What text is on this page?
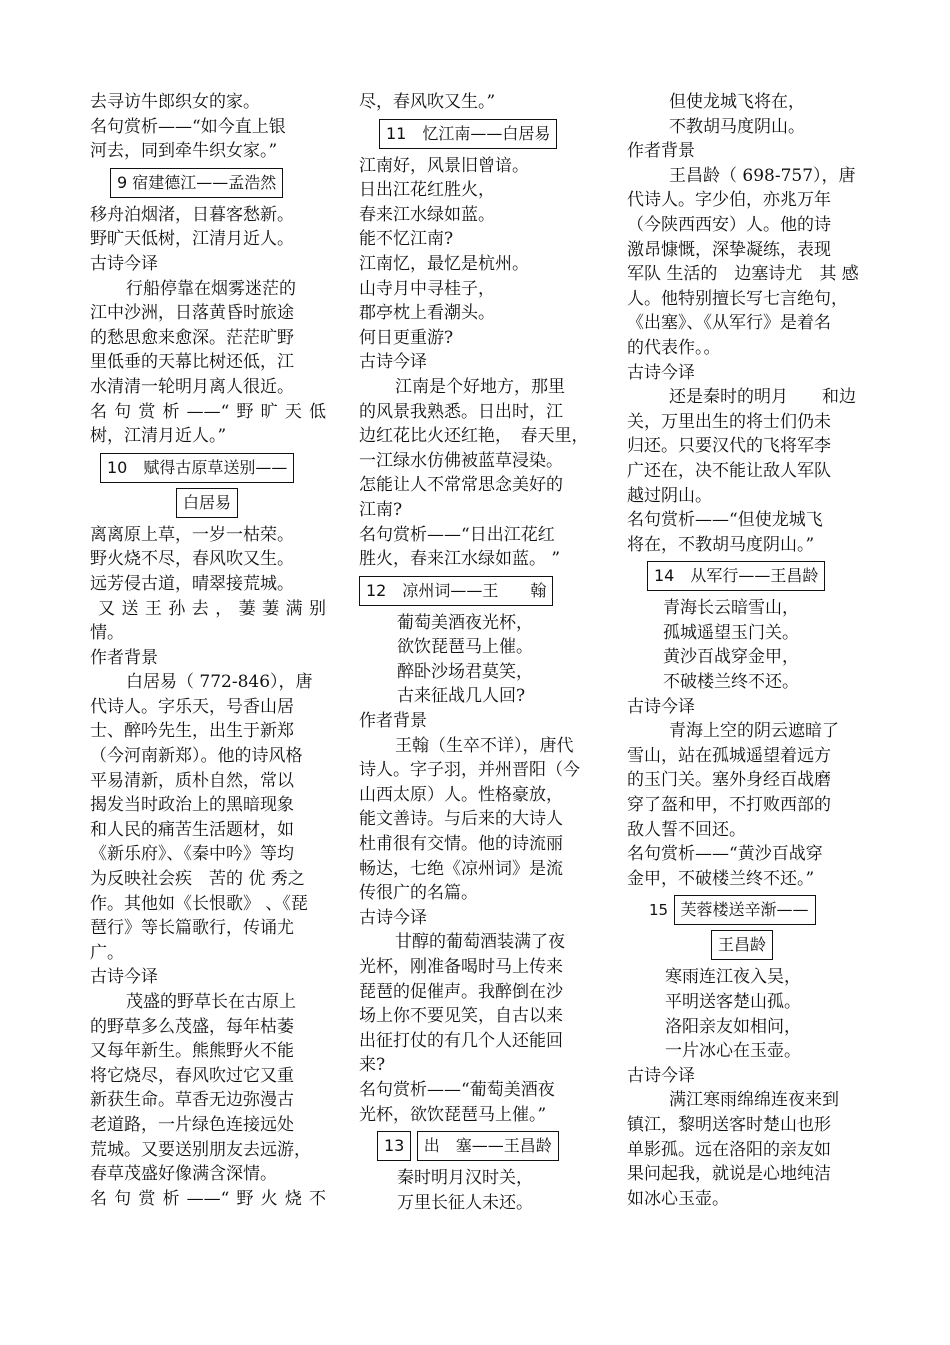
去寻访牛郎织女的家。
名句赏析——“如今直上银
河去，同到牵牛织女家。”
9 宿建德江——孟浩然
移舟泊烟渚，日暮客愁新。
野旷天低树，江清月近人。
古诗今译
行船停靠在烟雾迷茫的
江中沙洲，日落黄昏时旅途
的愁思愈来愈深。茫茫旷野
里低垂的天幕比树还低，江
水清清一轮明月离人很近。
名句赏析——“野旷天低
树，江清月近人。”
10　赋得古原草送别——
白居易
离离原上草，一岁一枯荣。
野火烧不尽，春风吹又生。
远芳侵古道，晴翠接荒城。
又送王孙去，萋萋满别
情。
作者背景
白居易（ 772-846），唐
代诗人。字乐天，号香山居
士、醉吟先生，出生于新郑
（今河南新郑）。他的诗风格
平易清新，质朴自然，常以
揭发当时政治上的黑暗现象
和人民的痛苦生活题材，如
《新乐府》、《秦中吟》等均
为反映社会疾　苦的 优 秀之
作。其他如《长恨歌》 、《琵
琶行》等长篇歌行，传诵尤
广。
古诗今译
茂盛的野草长在古原上
的野草多么茂盛，每年枯萎
又每年新生。熊熊野火不能
将它烧尽，春风吹过它又重
新获生命。草香无边弥漫古
老道路，一片绿色连接远处
荒城。又要送别朋友去远游，
春草茂盛好像满含深情。
名句赏析——“野火烧不
尽，春风吹又生。”
11　忆江南——白居易
江南好，风景旧曾谙。
日出江花红胜火，
春来江水绿如蓝。
能不忆江南?
江南忆，最忆是杭州。
山寺月中寻桂子，
郡亭枕上看潮头。
何日更重游?
古诗今译
江南是个好地方，那里
的风景我熟悉。日出时，江
边红花比火还红艳，　春天里，
一江绿水仿佛被蓝草浸染。
怎能让人不常常思念美好的
江南?
名句赏析——“日出江花红
胜火，春来江水绿如蓝。 ”
12　凉州词——王　　翰
葡萄美酒夜光杯，
欲饮琵琶马上催。
醉卧沙场君莫笑，
古来征战几人回?
作者背景
王翰（生卒不详），唐代
诗人。字子羽，并州晋阳（今
山西太原）人。性格豪放，
能文善诗。与后来的大诗人
杜甫很有交情。他的诗流丽
畅达，七绝《凉州词》是流
传很广的名篇。
古诗今译
甘醇的葡萄酒装满了夜
光杯，刚准备喝时马上传来
琵琶的促催声。我醉倒在沙
场上你不要见笑，自古以来
出征打仗的有几个人还能回
来?
名句赏析——“葡萄美酒夜
光杯，欲饮琵琶马上催。”
13 出　塞——王昌龄
秦时明月汉时关，
万里长征人未还。
但使龙城飞将在，
不教胡马度阴山。
作者背景
王昌龄（ 698-757），唐
代诗人。字少伯，亦兆万年
（今陕西西安）人。他的诗
激昂慷慨，深挚凝练，表现
军队 生活的　边塞诗尤　其 感
人。他特别擅长写七言绝句，
《出塞》、《从军行》是着名
的代表作。。
古诗今译
还是秦时的明月　　和边
关，万里出生的将士们仍未
归还。只要汉代的飞将军李
广还在，决不能让敌人军队
越过阴山。
名句赏析——“但使龙城飞
将在，不教胡马度阴山。”
14　从军行——王昌龄
青海长云暗雪山，
孤城遥望玉门关。
黄沙百战穿金甲，
不破楼兰终不还。
古诗今译
青海上空的阴云遮暗了
雪山，站在孤城遥望着远方
的玉门关。塞外身经百战磨
穿了盔和甲，不打败西部的
敌人誓不回还。
名句赏析——“黄沙百战穿
金甲，不破楼兰终不还。”
15 芙蓉楼送辛渐——
王昌龄
寒雨连江夜入吴，
平明送客楚山孤。
洛阳亲友如相问，
一片冰心在玉壶。
古诗今译
满江寒雨绵绵连夜来到
镇江，黎明送客时楚山也形
单影孤。远在洛阳的亲友如
果问起我，就说是心地纯洁
如冰心玉壶。
